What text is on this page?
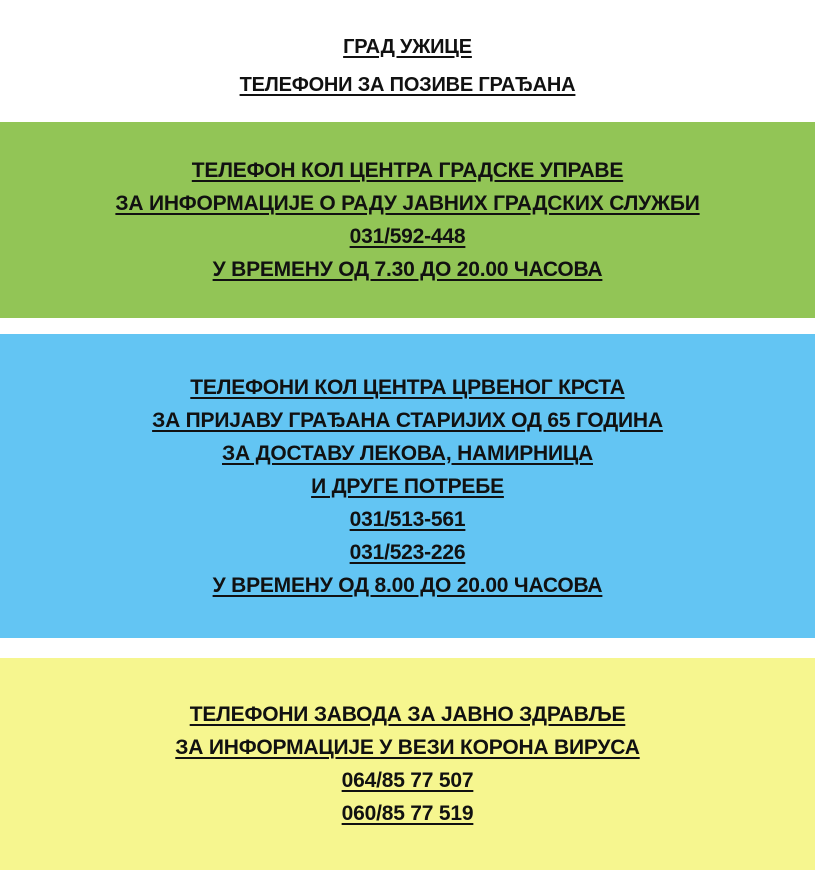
ГРАД УЖИЦЕ
ТЕЛЕФОНИ ЗА ПОЗИВЕ ГРАЂАНА
ТЕЛЕФОН КОЛ ЦЕНТРА ГРАДСКЕ УПРАВЕ
ЗА ИНФОРМАЦИЈЕ О РАДУ ЈАВНИХ ГРАДСКИХ СЛУЖБИ
031/592-448
У ВРЕМЕНУ ОД 7.30 ДО 20.00 ЧАСОВА
ТЕЛЕФОНИ КОЛ ЦЕНТРА ЦРВЕНОГ КРСТА
ЗА ПРИЈАВУ ГРАЂАНА СТАРИЈИХ ОД 65 ГОДИНА
ЗА ДОСТАВУ ЛЕКОВА, НАМИРНИЦА
И ДРУГЕ ПОТРЕБЕ
031/513-561
031/523-226
У ВРЕМЕНУ ОД 8.00 ДО 20.00 ЧАСОВА
ТЕЛЕФОНИ ЗАВОДА ЗА ЈАВНО ЗДРАВЉЕ
ЗА ИНФОРМАЦИЈЕ У ВЕЗИ КОРОНА ВИРУСА
064/85 77 507
060/85 77 519
